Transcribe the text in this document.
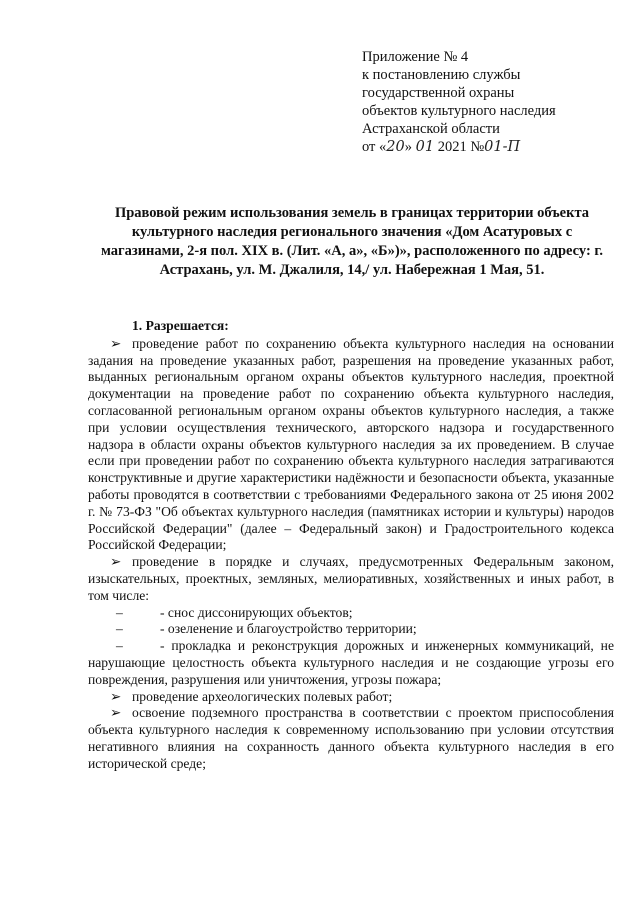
Приложение № 4
к постановлению службы
государственной охраны
объектов культурного наследия
Астраханской области
от «20» 01 2021 №01-П
Правовой режим использования земель в границах территории объекта культурного наследия регионального значения «Дом Асатуровых с магазинами, 2-я пол. XIX в. (Лит. «А, а», «Б»)», расположенного по адресу: г. Астрахань, ул. М. Джалиля, 14,/ ул. Набережная 1 Мая, 51.
1. Разрешается:

➢ проведение работ по сохранению объекта культурного наследия на основании задания на проведение указанных работ, разрешения на проведение указанных работ, выданных региональным органом охраны объектов культурного наследия, проектной документации на проведение работ по сохранению объекта культурного наследия, согласованной региональным органом охраны объектов культурного наследия, а также при условии осуществления технического, авторского надзора и государственного надзора в области охраны объектов культурного наследия за их проведением. В случае если при проведении работ по сохранению объекта культурного наследия затрагиваются конструктивные и другие характеристики надёжности и безопасности объекта, указанные работы проводятся в соответствии с требованиями Федерального закона от 25 июня 2002 г. № 73-ФЗ "Об объектах культурного наследия (памятниках истории и культуры) народов Российской Федерации" (далее – Федеральный закон) и Градостроительного кодекса Российской Федерации;

➢ проведение в порядке и случаях, предусмотренных Федеральным законом, изыскательных, проектных, земляных, мелиоративных, хозяйственных и иных работ, в том числе:

–	- снос диссонирующих объектов;

–	- озеленение и благоустройство территории;

–	- прокладка и реконструкция дорожных и инженерных коммуникаций, не нарушающие целостность объекта культурного наследия и не создающие угрозы его повреждения, разрушения или уничтожения, угрозы пожара;

➢ проведение археологических полевых работ;

➢ освоение подземного пространства в соответствии с проектом приспособления объекта культурного наследия к современному использованию при условии отсутствия негативного влияния на сохранность данного объекта культурного наследия в его исторической среде;
